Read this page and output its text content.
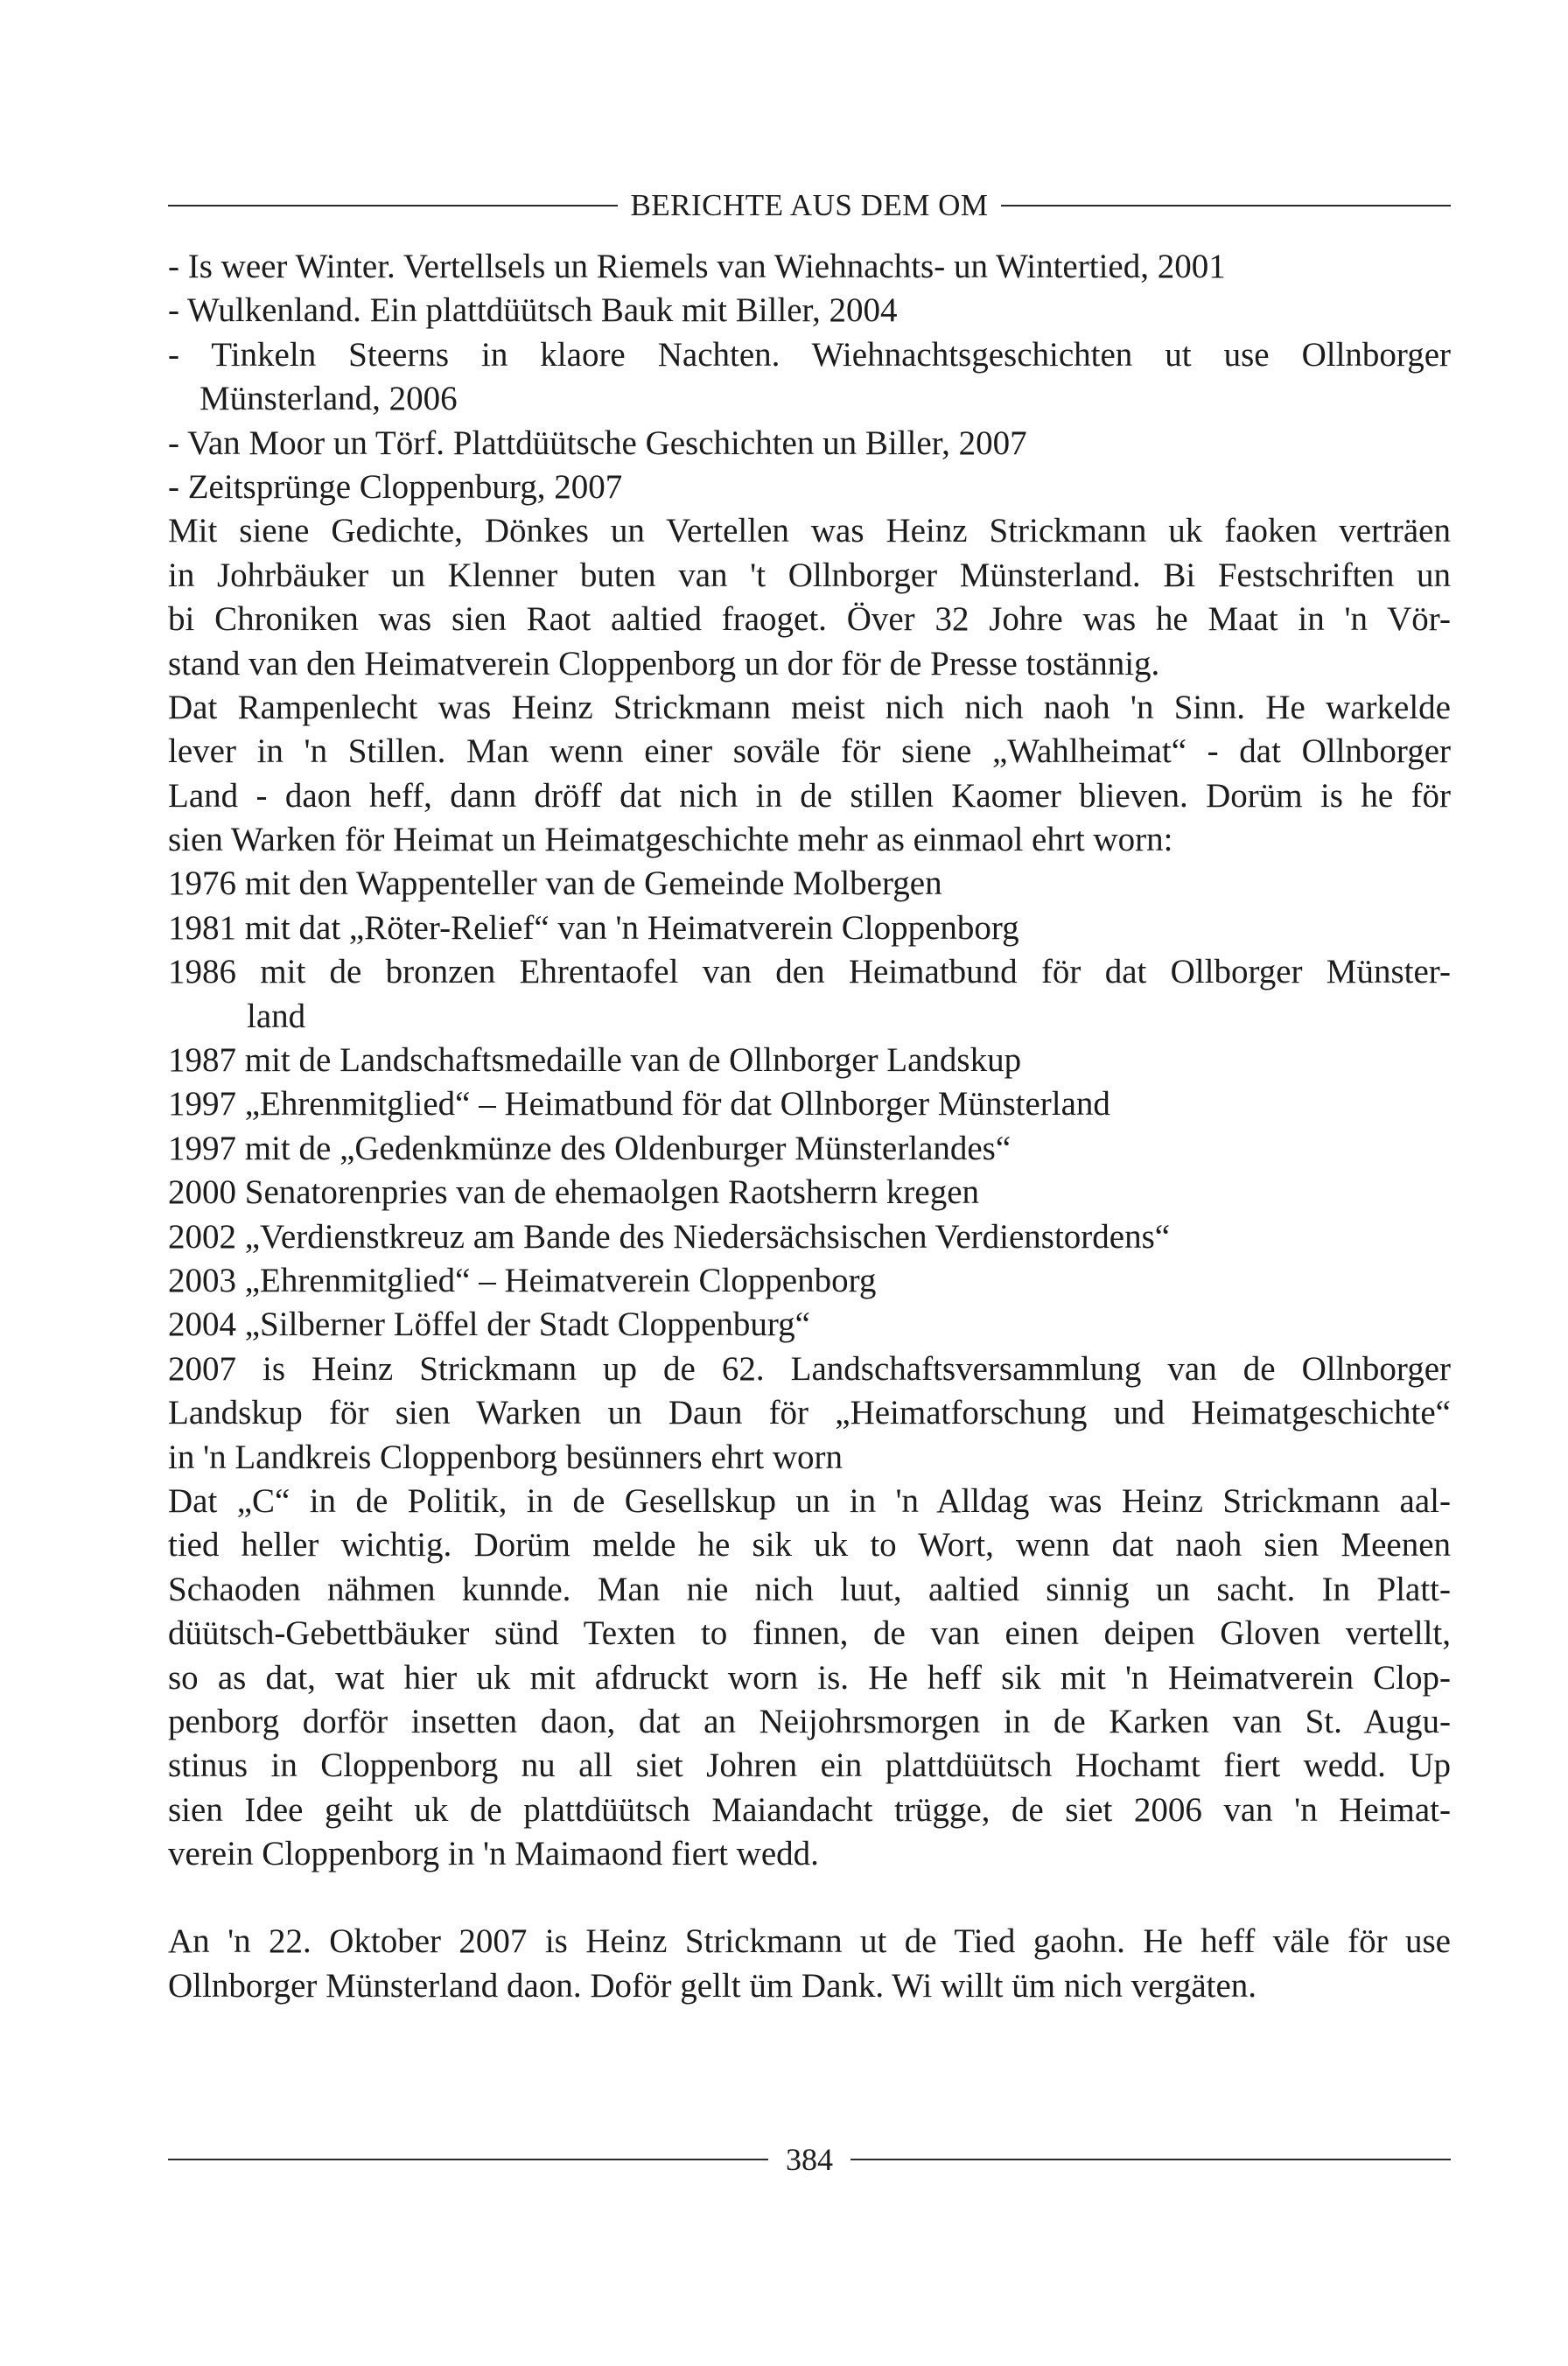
BERICHTE AUS DEM OM
- Is weer Winter. Vertellsels un Riemels van Wiehnachts- un Wintertied, 2001
- Wulkenland. Ein plattdüütsch Bauk mit Biller, 2004
- Tinkeln Steerns in klaore Nachten. Wiehnachtsgeschichten ut use Ollnborger
Münsterland, 2006
- Van Moor un Törf. Plattdüütsche Geschichten un Biller, 2007
- Zeitsprünge Cloppenburg, 2007
Mit siene Gedichte, Dönkes un Vertellen was Heinz Strickmann uk faoken verträen
in Johrbäuker un Klenner buten van 't Ollnborger Münsterland. Bi Festschriften un
bi Chroniken was sien Raot aaltied fraoget. Över 32 Johre was he Maat in 'n Vör-
stand van den Heimatverein Cloppenborg un dor för de Presse tostännig.
Dat Rampenlecht was Heinz Strickmann meist nich nich naoh 'n Sinn. He warkelde
lever in 'n Stillen. Man wenn einer soväle för siene „Wahlheimat“ - dat Ollnborger
Land - daon heff, dann dröff dat nich in de stillen Kaomer blieven. Dorüm is he för
sien Warken för Heimat un Heimatgeschichte mehr as einmaol ehrt worn:
1976 mit den Wappenteller van de Gemeinde Molbergen
1981 mit dat „Röter-Relief“ van 'n Heimatverein Cloppenborg
1986 mit de bronzen Ehrentaofel van den Heimatbund för dat Ollborger Münster-
land
1987 mit de Landschaftsmedaille van de Ollnborger Landskup
1997 „Ehrenmitglied“ – Heimatbund för dat Ollnborger Münsterland
1997 mit de „Gedenkmünze des Oldenburger Münsterlandes“
2000 Senatorenpries van de ehemaolgen Raotsherrn kregen
2002 „Verdienstkreuz am Bande des Niedersächsischen Verdienstordens“
2003 „Ehrenmitglied“ – Heimatverein Cloppenborg
2004 „Silberner Löffel der Stadt Cloppenburg“
2007 is Heinz Strickmann up de 62. Landschaftsversammlung van de Ollnborger
Landskup för sien Warken un Daun för „Heimatforschung und Heimatgeschichte“
in 'n Landkreis Cloppenborg besünners ehrt worn
Dat „C“ in de Politik, in de Gesellskup un in 'n Alldag was Heinz Strickmann aal-
tied heller wichtig. Dorüm melde he sik uk to Wort, wenn dat naoh sien Meenen
Schaoden nähmen kunnde. Man nie nich luut, aaltied sinnig un sacht. In Platt-
düütsch-Gebettbäuker sünd Texten to finnen, de van einen deipen Gloven vertellt,
so as dat, wat hier uk mit afdruckt worn is. He heff sik mit 'n Heimatverein Clop-
penborg dorför insetten daon, dat an Neijohrsmorgen in de Karken van St. Augu-
stinus in Cloppenborg nu all siet Johren ein plattdüütsch Hochamt fiert wedd. Up
sien Idee geiht uk de plattdüütsch Maiandacht trügge, de siet 2006 van 'n Heimat-
verein Cloppenborg in 'n Maimaond fiert wedd.
An 'n 22. Oktober 2007 is Heinz Strickmann ut de Tied gaohn. He heff väle för use
Ollnborger Münsterland daon. Doför gellt üm Dank. Wi willt üm nich vergäten.
384
